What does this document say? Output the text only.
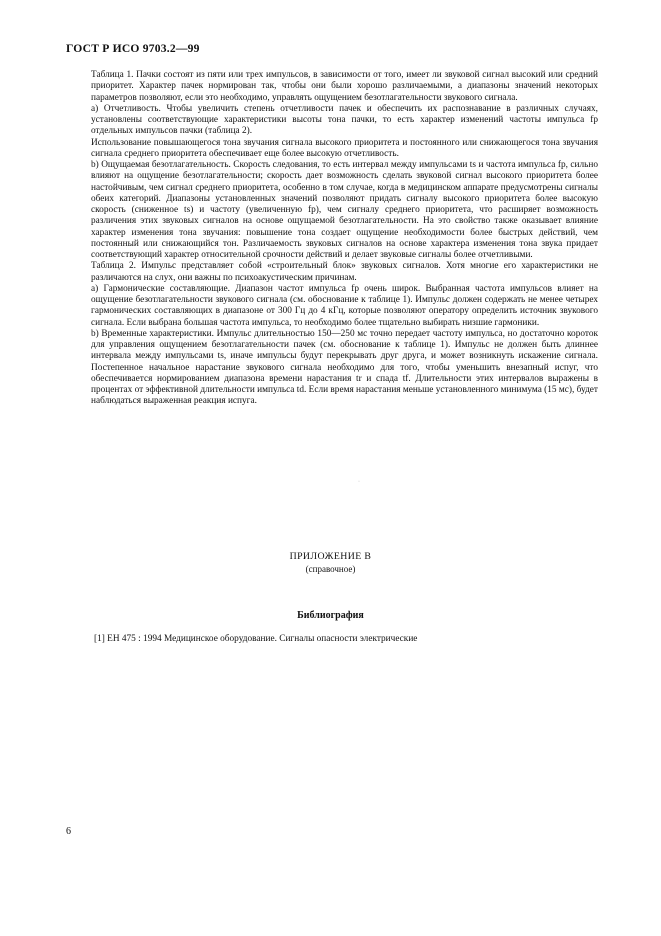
ГОСТ Р ИСО 9703.2—99

Таблица 1. Пачки состоят из пяти или трех импульсов, в зависимости от того, имеет ли звуковой сигнал высокий или средний приоритет. Характер пачек нормирован так, чтобы они были хорошо различаемыми, а диапазоны значений некоторых параметров позволяют, если это необходимо, управлять ощущением безотлагательности звукового сигнала.

а) Отчетливость. Чтобы увеличить степень отчетливости пачек и обеспечить их распознавание в различных случаях, установлены соответствующие характеристики высоты тона пачки, то есть характер изменений частоты импульса fp отдельных импульсов пачки (таблица 2).

Использование повышающегося тона звучания сигнала высокого приоритета и постоянного или снижающегося тона звучания сигнала среднего приоритета обеспечивает еще более высокую отчетливость.

b) Ощущаемая безотлагательность. Скорость следования, то есть интервал между импульсами ts и частота импульса fp, сильно влияют на ощущение безотлагательности; скорость дает возможность сделать звуковой сигнал высокого приоритета более настойчивым, чем сигнал среднего приоритета, особенно в том случае, когда в медицинском аппарате предусмотрены сигналы обеих категорий. Диапазоны установленных значений позволяют придать сигналу высокого приоритета более высокую скорость (сниженное ts) и частоту (увеличенную fp), чем сигналу среднего приоритета, что расширяет возможность различения этих звуковых сигналов на основе ощущаемой безотлагательности. На это свойство также оказывает влияние характер изменения тона звучания: повышение тона создает ощущение необходимости более быстрых действий, чем постоянный или снижающийся тон. Различаемость звуковых сигналов на основе характера изменения тона звука придает соответствующий характер относительной срочности действий и делает звуковые сигналы более отчетливыми.

Таблица 2. Импульс представляет собой «строительный блок» звуковых сигналов. Хотя многие его характеристики не различаются на слух, они важны по психоакустическим причинам.

а) Гармонические составляющие. Диапазон частот импульса fp очень широк. Выбранная частота импульсов влияет на ощущение безотлагательности звукового сигнала (см. обоснование к таблице 1). Импульс должен содержать не менее четырех гармонических составляющих в диапазоне от 300 Гц до 4 кГц, которые позволяют оператору определить источник звукового сигнала. Если выбрана большая частота импульса, то необходимо более тщательно выбирать низшие гармоники.

b) Временные характеристики. Импульс длительностью 150—250 мс точно передает частоту импульса, но достаточно короток для управления ощущением безотлагательности пачек (см. обоснование к таблице 1). Импульс не должен быть длиннее интервала между импульсами ts, иначе импульсы будут перекрывать друг друга, и может возникнуть искажение сигнала. Постепенное начальное нарастание звукового сигнала необходимо для того, чтобы уменьшить внезапный испуг, что обеспечивается нормированием диапазона времени нарастания tr и спада tf. Длительности этих интервалов выражены в процентах от эффективной длительности импульса td. Если время нарастания меньше установленного минимума (15 мс), будет наблюдаться выраженная реакция испуга.

·
ПРИЛОЖЕНИЕ В
(справочное)
Библиография
[1] ЕН 475 : 1994 Медицинское оборудование. Сигналы опасности электрические
6
